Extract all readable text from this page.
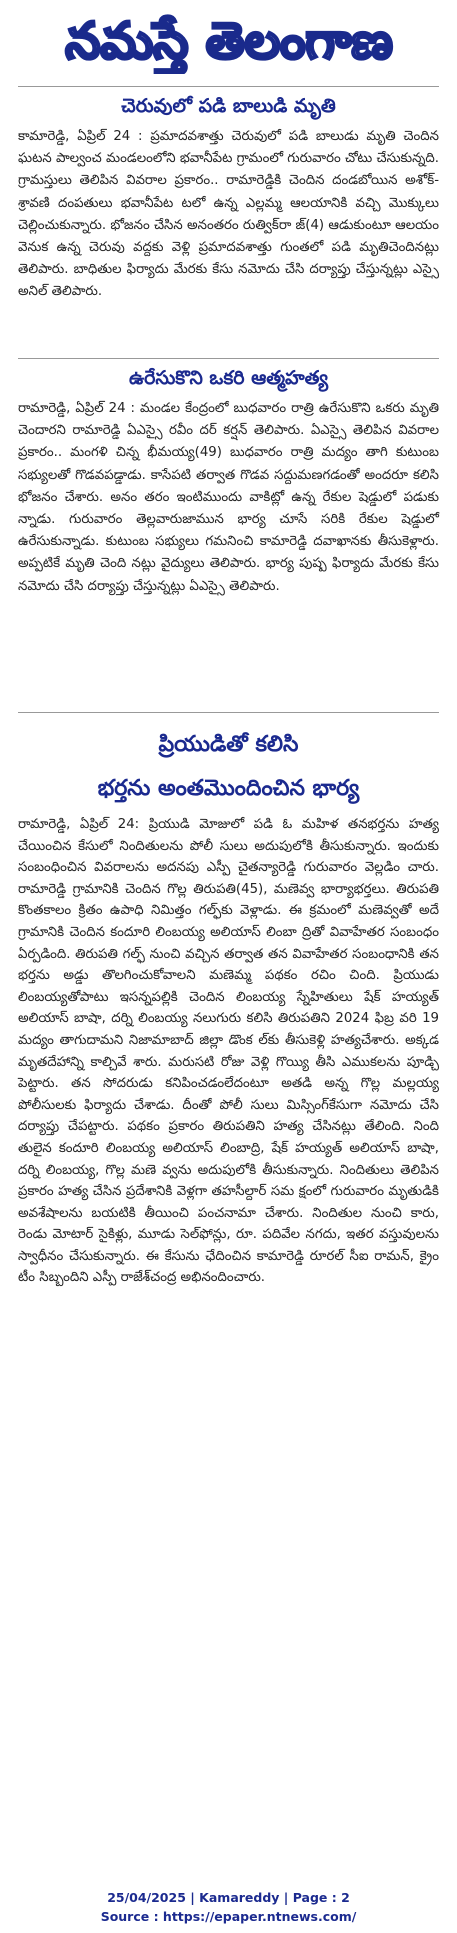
నమస్తే తెలంగాణ
చెరువులో పడి బాలుడి మృతి
కామారెడ్డి, ఏప్రిల్ 24 : ప్రమాదవశాత్తు చెరువులో పడి బాలుడు మృతి చెందిన ఘటన పాల్వంచ మండలంలోని భవానీపేట గ్రామంలో గురువారం చోటు చేసుకున్నది. గ్రామస్తులు తెలిపిన వివరాల ప్రకారం.. రామారెడ్డికి చెందిన దండబోయిన అశోక్-శ్రావణి దంపతులు భవానీపేట టలో ఉన్న ఎల్లమ్మ ఆలయానికి వచ్చి మొక్కులు చెల్లించుకున్నారు. భోజనం చేసిన అనంతరం రుత్విక్‌రా జ్(4) ఆడుకుంటూ ఆలయం వెనుక ఉన్న చెరువు వద్దకు వెళ్లి ప్రమాదవశాత్తు గుంతలో పడి మృతిచెందినట్లు తెలిపారు. బాధితుల ఫిర్యాదు మేరకు కేసు నమోదు చేసి దర్యాప్తు చేస్తున్నట్లు ఎస్సై అనిల్ తెలిపారు.
ఉరేసుకొని ఒకరి ఆత్మహత్య
రామారెడ్డి, ఏప్రిల్ 24 : మండల కేంద్రంలో బుధవారం రాత్రి ఉరేసుకొని ఒకరు మృతి చెందారని రామారెడ్డి ఏఎస్సై రవీం దర్ కర్షన్ తెలిపారు. ఏఎస్సై తెలిపిన వివరాల ప్రకారం.. మంగళి చిన్న భీమయ్య(49) బుధవారం రాత్రి మద్యం తాగి కుటుంబ సభ్యులతో గొడవపడ్డాడు. కాసేపటి తర్వాత గొడవ సద్దుమణగడంతో అందరూ కలిసి భోజనం చేశారు. అనం తరం ఇంటిముందు వాకిట్లో ఉన్న రేకుల షెడ్డులో పడుకు న్నాడు. గురువారం తెల్లవారుజామున భార్య చూసే సరికి రేకుల షెడ్డులో ఉరేసుకున్నాడు. కుటుంబ సభ్యులు గమనించి కామారెడ్డి దవాఖానకు తీసుకెళ్లారు. అప్పటికే మృతి చెంది నట్లు వైద్యులు తెలిపారు. భార్య పుష్ప ఫిర్యాదు మేరకు కేసు నమోదు చేసి దర్యాప్తు చేస్తున్నట్లు ఏఎస్సై తెలిపారు.
ప్రియుడితో కలిసి
భర్తను అంతమొందించిన భార్య
రామారెడ్డి, ఏప్రిల్ 24: ప్రియుడి మోజులో పడి ఓ మహిళ తనభర్తను హత్య చేయించిన కేసులో నిందితులను పోలీ సులు అదుపులోకి తీసుకున్నారు. ఇందుకు సంబంధించిన వివరాలను అదనపు ఎస్పీ చైతన్యారెడ్డి గురువారం వెల్లడిం చారు. రామారెడ్డి గ్రామానికి చెందిన గొల్ల తిరుపతి(45), మణెవ్వ భార్యాభర్తలు. తిరుపతి కొంతకాలం క్రితం ఉపాధి నిమిత్తం గల్ఫ్‌కు వెళ్లాడు. ఈ క్రమంలో మణెవ్వతో అదే గ్రామానికి చెందిన కందూరి లింబయ్య అలియాస్ లింబా ద్రితో వివాహేతర సంబంధం ఏర్పడింది. తిరుపతి గల్ఫ్ నుంచి వచ్చిన తర్వాత తన వివాహేతర సంబంధానికి తన భర్తను అడ్డు తొలగించుకోవాలని మణెమ్మ పథకం రచిం చింది. ప్రియుడు లింబయ్యతోపాటు ఇసన్నపల్లికి చెందిన లింబయ్య స్నేహితులు షేక్ హయ్యత్ అలియాస్ బాషా, దర్ని లింబయ్య నలుగురు కలిసి తిరుపతిని 2024 ఫిబ్ర వరి 19 మద్యం తాగుదామని నిజామాబాద్ జిల్లా డొంక ల్‌కు తీసుకెళ్లి హత్యచేశారు. అక్కడ మృతదేహాన్ని కాల్చివే శారు. మరుసటి రోజు వెళ్లి గొయ్యి తీసి ఎముకలను పూడ్చి పెట్టారు. తన సోదరుడు కనిపించడంలేదంటూ అతడి అన్న గొల్ల మల్లయ్య పోలీసులకు ఫిర్యాదు చేశాడు. దీంతో పోలీ సులు మిస్సింగ్‌కేసుగా నమోదు చేసి దర్యాప్తు చేపట్టారు. పథకం ప్రకారం తిరుపతిని హత్య చేసినట్లు తేలింది. నింది తులైన కందూరి లింబయ్య అలియాస్ లింబాద్రి, షేక్ హయ్యత్ అలియాస్ బాషా, దర్ని లింబయ్య, గొల్ల మణె వ్వను అదుపులోకి తీసుకున్నారు. నిందితులు తెలిపిన ప్రకారం హత్య చేసిన ప్రదేశానికి వెళ్లగా తహసీల్దార్ సమ క్షంలో గురువారం మృతుడికి అవశేషాలను బయటికి తీయించి పంచనామా చేశారు. నిందితుల నుంచి కారు, రెండు మోటార్ సైకిళ్లు, మూడు సెల్‌ఫోన్లు, రూ. పదివేల నగదు, ఇతర వస్తువులను స్వాధీనం చేసుకున్నారు. ఈ కేసును ఛేదించిన కామారెడ్డి రూరల్ సీఐ రామన్, క్రైం టీం సిబ్బందిని ఎస్పీ రాజేశ్‌చంద్ర అభినందించారు.
25/04/2025 | Kamareddy | Page : 2
Source : https://epaper.ntnews.com/
